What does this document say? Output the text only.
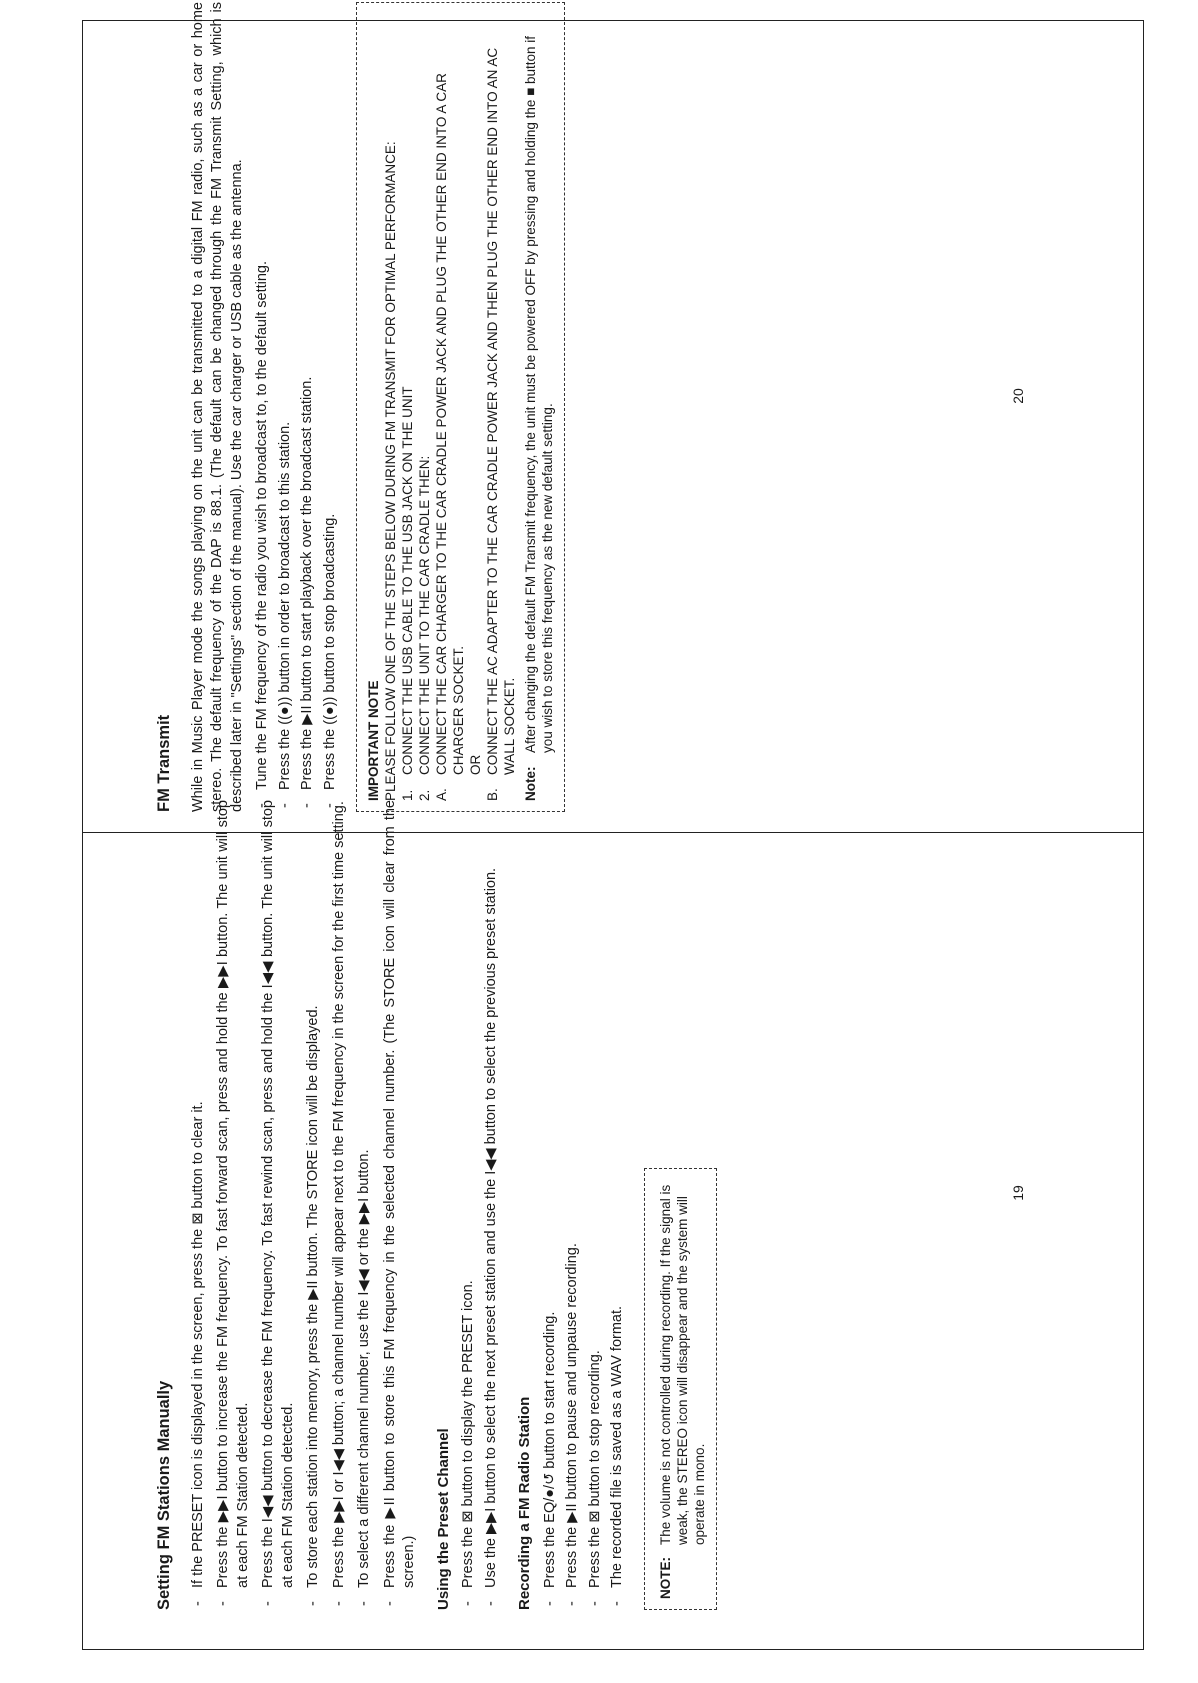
FM Transmit While in Music Player mode the songs playing on the unit can be transmitted to a digital FM radio, such as a car or home stereo. The default frequency of the DAP is 88.1. (The default can be changed through the FM Transmit Setting, which is described later in "Settings" section of the manual). Use the car charger or USB cable as the antenna. - Tune the FM frequency of the radio you wish to broadcast to, to the default setting. - Press the ((●)) button in order to broadcast to this station. - Press the ▶II button to start playback over the broadcast station. - Press the ((●)) button to stop broadcasting. IMPORTANT NOTE PLEASE FOLLOW ONE OF THE STEPS BELOW DURING FM TRANSMIT FOR OPTIMAL PERFORMANCE: 1.
CONNECT THE USB CABLE TO THE USB JACK ON THE UNIT
2.
CONNECT THE UNIT TO THE CAR CRADLE THEN:
A.
CONNECT THE CAR CHARGER TO THE CAR CRADLE POWER JACK AND PLUG THE OTHER END INTO A CAR CHARGER SOCKET. OR
B.
CONNECT THE AC ADAPTER TO THE CAR CRADLE POWER JACK AND THEN PLUG THE OTHER END INTO AN AC WALL SOCKET.
Note:
After changing the default FM Transmit frequency, the unit must be powered OFF by pressing and holding the ■ button if you wish to store this frequency as the new default setting.
Setting FM Stations Manually - If the PRESET icon is displayed in the screen, press the ⊠ button to clear it. - Press the ▶▶I button to increase the FM frequency. To fast forward scan, press and hold the ▶▶I button. The unit will stop at each FM Station detected. - Press the I◀◀ button to decrease the FM frequency. To fast rewind scan, press and hold the I◀◀ button. The unit will stop at each FM Station detected. - To store each station into memory, press the ▶II button. The STORE icon will be displayed. - Press the ▶▶I or I◀◀ button; a channel number will appear next to the FM frequency in the screen for the first time setting. - To select a different channel number, use the I◀◀ or the ▶▶I button. - Press the ▶II button to store this FM frequency in the selected channel number. (The STORE icon will clear from the screen.) Using the Preset Channel - Press the ⊠ button to display the PRESET icon. - Use the ▶▶I button to select the next preset station and use the I◀◀ button to select the previous preset station. Recording a FM Radio Station - Press the EQ/●/↺ button to start recording. - Press the ▶II button to pause and unpause recording. - Press the ⊠ button to stop recording. - The recorded file is saved as a WAV format. NOTE:
The volume is not controlled during recording. If the signal is weak, the STEREO icon will disappear and the system will operate in mono.
20
19
